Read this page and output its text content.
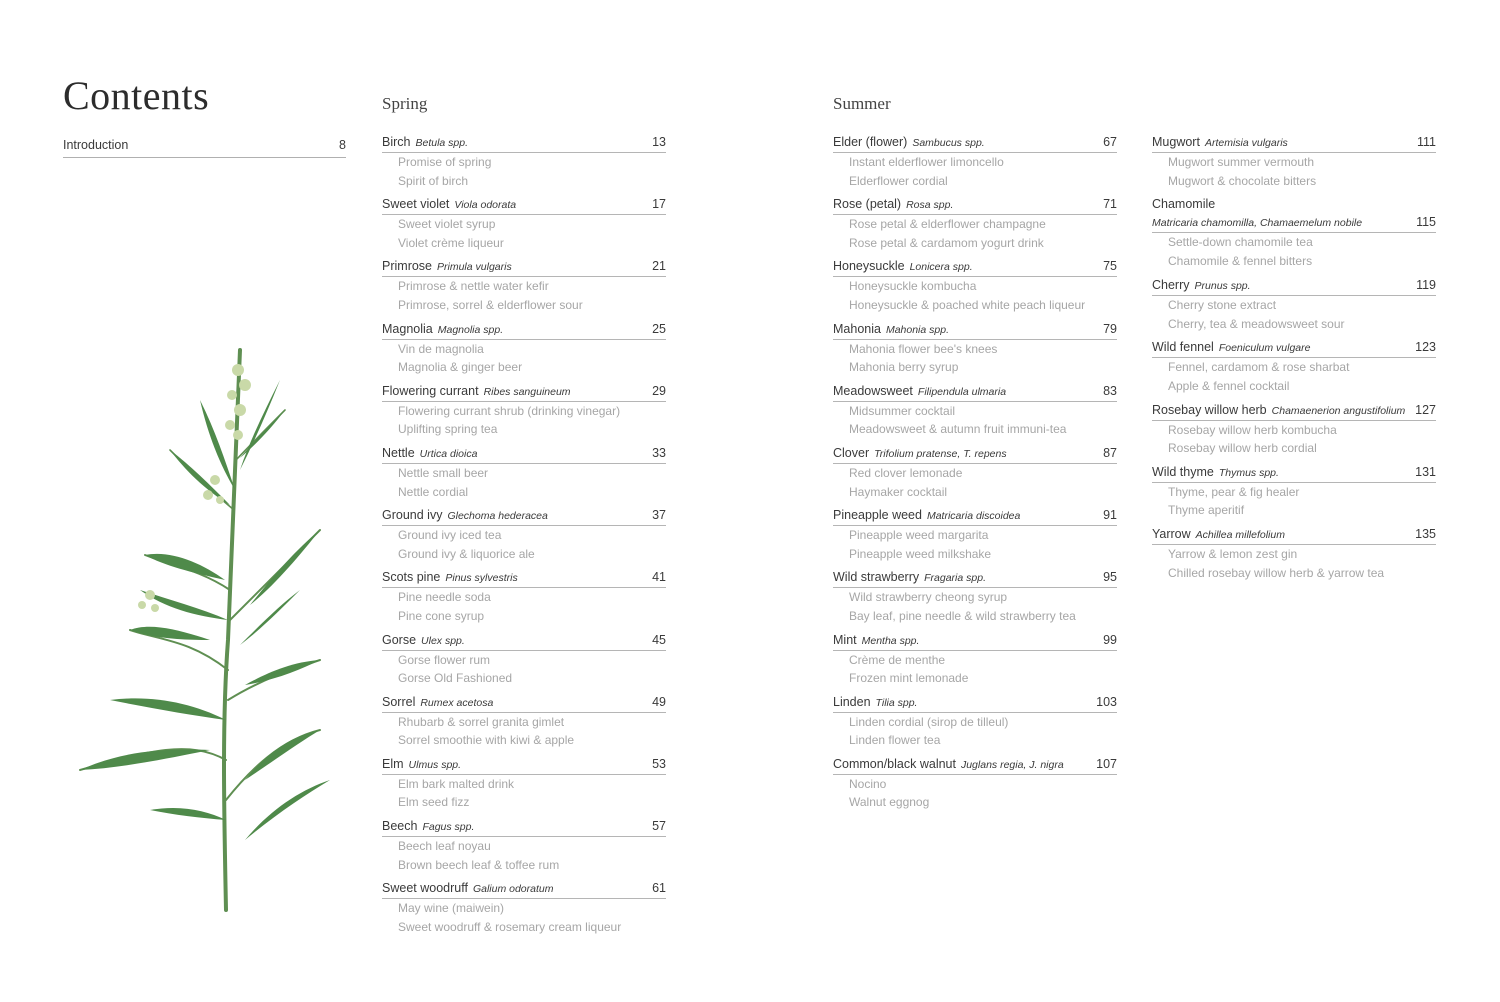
Contents
Introduction	8
Spring	Summer
Birch Betula spp.	13
Promise of spring
Spirit of birch
Sweet violet Viola odorata	17
Sweet violet syrup
Violet crème liqueur
Primrose Primula vulgaris	21
Primrose & nettle water kefir
Primrose, sorrel & elderflower sour
Magnolia Magnolia spp.	25
Vin de magnolia
Magnolia & ginger beer
Flowering currant Ribes sanguineum	29
Flowering currant shrub (drinking vinegar)
Uplifting spring tea
Nettle Urtica dioica	33
Nettle small beer
Nettle cordial
Ground ivy Glechoma hederacea	37
Ground ivy iced tea
Ground ivy & liquorice ale
Scots pine Pinus sylvestris	41
Pine needle soda
Pine cone syrup
Gorse Ulex spp.	45
Gorse flower rum
Gorse Old Fashioned
Sorrel Rumex acetosa	49
Rhubarb & sorrel granita gimlet
Sorrel smoothie with kiwi & apple
Elm Ulmus spp.	53
Elm bark malted drink
Elm seed fizz
Beech Fagus spp.	57
Beech leaf noyau
Brown beech leaf & toffee rum
Sweet woodruff Galium odoratum	61
May wine (maiwein)
Sweet woodruff & rosemary cream liqueur
Elder (flower) Sambucus spp.	67
Instant elderflower limoncello
Elderflower cordial
Rose (petal) Rosa spp.	71
Rose petal & elderflower champagne
Rose petal & cardamom yogurt drink
Honeysuckle Lonicera spp.	75
Honeysuckle kombucha
Honeysuckle & poached white peach liqueur
Mahonia Mahonia spp.	79
Mahonia flower bee's knees
Mahonia berry syrup
Meadowsweet Filipendula ulmaria	83
Midsummer cocktail
Meadowsweet & autumn fruit immuni-tea
Clover Trifolium pratense, T. repens	87
Red clover lemonade
Haymaker cocktail
Pineapple weed Matricaria discoidea	91
Pineapple weed margarita
Pineapple weed milkshake
Wild strawberry Fragaria spp.	95
Wild strawberry cheong syrup
Bay leaf, pine needle & wild strawberry tea
Mint Mentha spp.	99
Crème de menthe
Frozen mint lemonade
Linden Tilia spp.	103
Linden cordial (sirop de tilleul)
Linden flower tea
Common/black walnut Juglans regia, J. nigra	107
Nocino
Walnut eggnog
Mugwort Artemisia vulgaris	111
Mugwort summer vermouth
Mugwort & chocolate bitters
Chamomile
Matricaria chamomilla, Chamaemelum nobile	115
Settle-down chamomile tea
Chamomile & fennel bitters
Cherry Prunus spp.	119
Cherry stone extract
Cherry, tea & meadowsweet sour
Wild fennel Foeniculum vulgare	123
Fennel, cardamom & rose sharbat
Apple & fennel cocktail
Rosebay willow herb Chamaenerion angustifolium 127
Rosebay willow herb kombucha
Rosebay willow herb cordial
Wild thyme Thymus spp.	131
Thyme, pear & fig healer
Thyme aperitif
Yarrow Achillea millefolium	135
Yarrow & lemon zest gin
Chilled rosebay willow herb & yarrow tea
